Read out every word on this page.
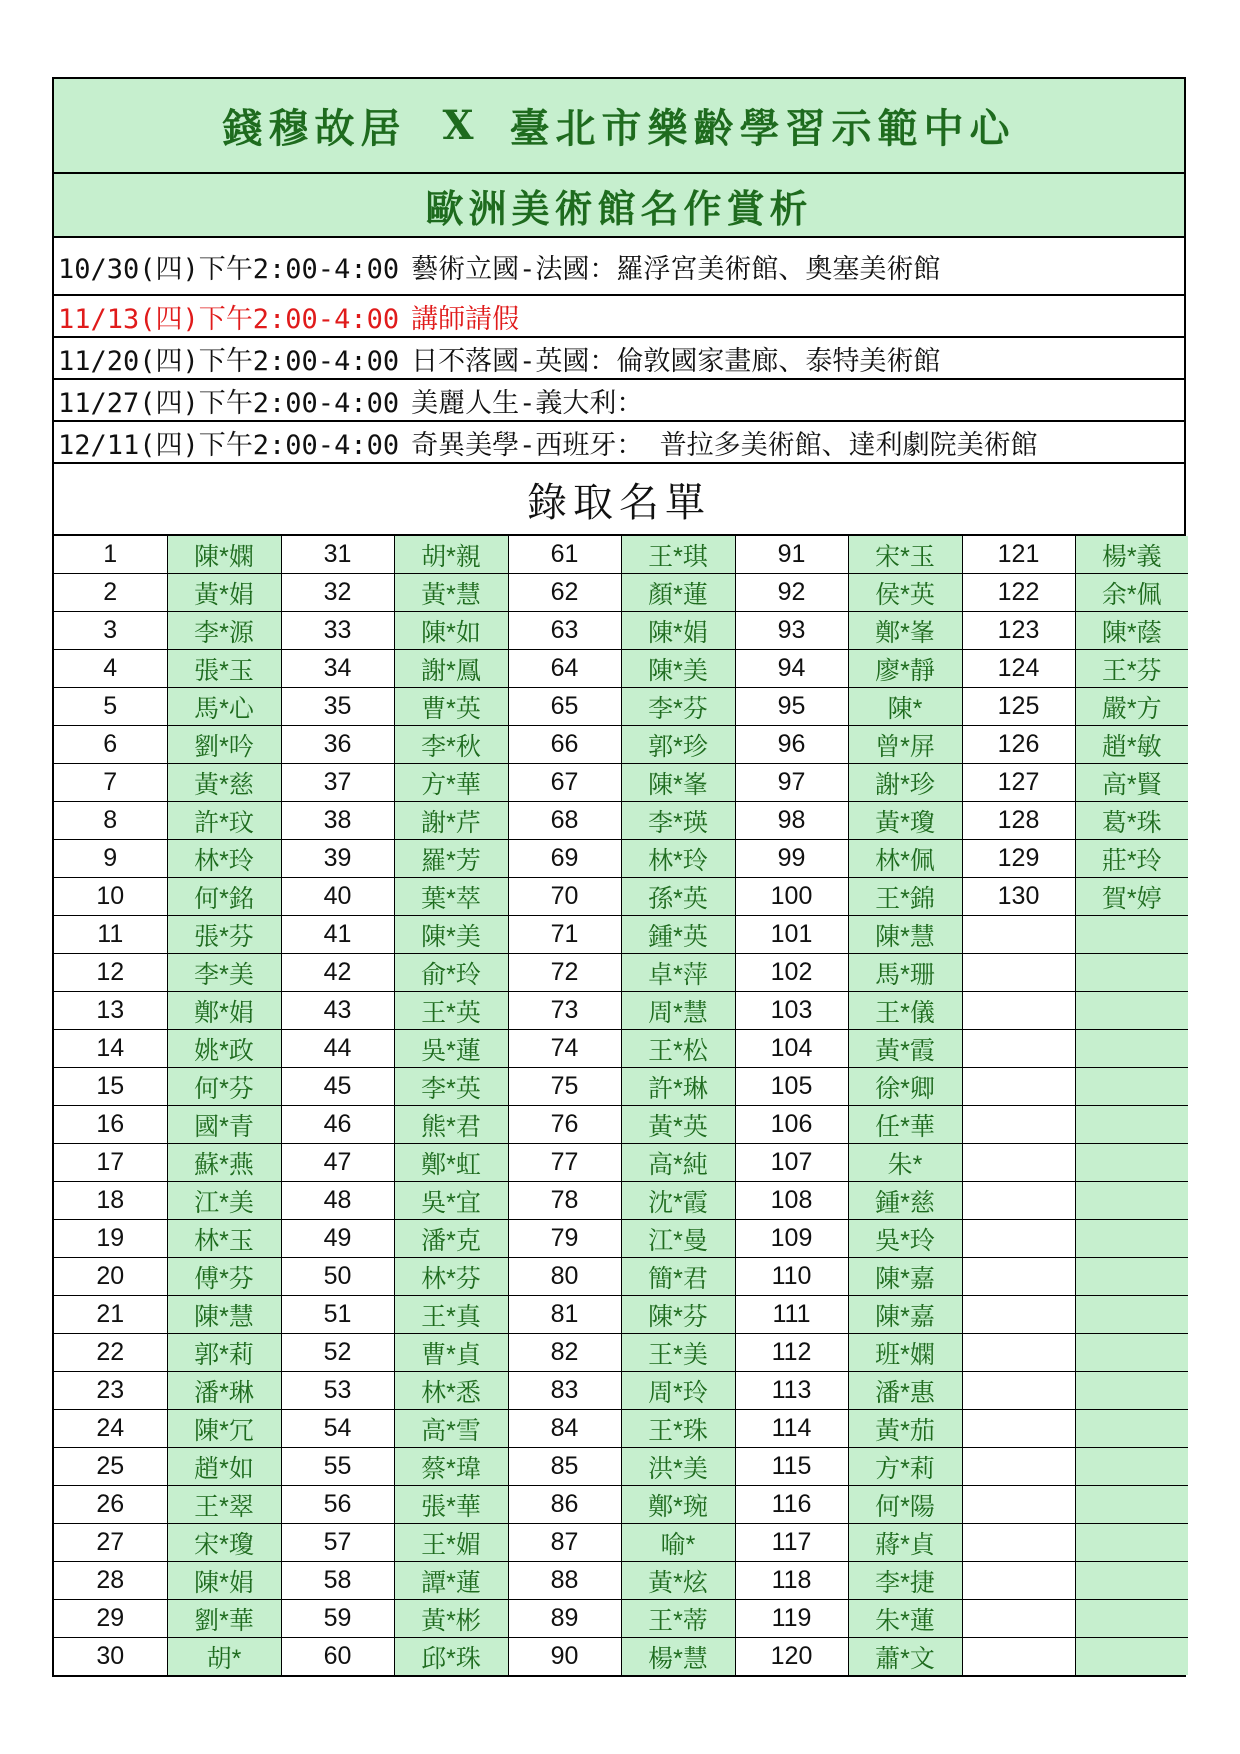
錢穆故居 X 臺北市樂齡學習示範中心
歐洲美術館名作賞析
10/30(四)下午2:00-4:00 藝術立國-法國：羅浮宮美術館、奧塞美術館
11/13(四)下午2:00-4:00 講師請假
11/20(四)下午2:00-4:00 日不落國-英國：倫敦國家畫廊、泰特美術館
11/27(四)下午2:00-4:00 美麗人生-義大利：
12/11(四)下午2:00-4:00 奇異美學-西班牙： 普拉多美術館、達利劇院美術館
錄取名單
1	陳*嫻	31	胡*親	61	王*琪	91	宋*玉	121	楊*義
2	黃*娟	32	黃*慧	62	顏*蓮	92	侯*英	122	余*佩
3	李*源	33	陳*如	63	陳*娟	93	鄭*峯	123	陳*蔭
4	張*玉	34	謝*鳳	64	陳*美	94	廖*靜	124	王*芬
5	馬*心	35	曹*英	65	李*芬	95	陳*	125	嚴*方
6	劉*吟	36	李*秋	66	郭*珍	96	曾*屏	126	趙*敏
7	黃*慈	37	方*華	67	陳*峯	97	謝*珍	127	高*賢
8	許*玟	38	謝*芹	68	李*瑛	98	黃*瓊	128	葛*珠
9	林*玲	39	羅*芳	69	林*玲	99	林*佩	129	莊*玲
10	何*銘	40	葉*萃	70	孫*英	100	王*錦	130	賀*婷
11	張*芬	41	陳*美	71	鍾*英	101	陳*慧		
12	李*美	42	俞*玲	72	卓*萍	102	馬*珊		
13	鄭*娟	43	王*英	73	周*慧	103	王*儀		
14	姚*政	44	吳*蓮	74	王*松	104	黃*霞		
15	何*芬	45	李*英	75	許*琳	105	徐*卿		
16	國*青	46	熊*君	76	黃*英	106	任*華		
17	蘇*燕	47	鄭*虹	77	高*純	107	朱*		
18	江*美	48	吳*宜	78	沈*霞	108	鍾*慈		
19	林*玉	49	潘*克	79	江*曼	109	吳*玲		
20	傅*芬	50	林*芬	80	簡*君	110	陳*嘉		
21	陳*慧	51	王*真	81	陳*芬	111	陳*嘉		
22	郭*莉	52	曹*貞	82	王*美	112	班*嫻		
23	潘*琳	53	林*悉	83	周*玲	113	潘*惠		
24	陳*冗	54	高*雪	84	王*珠	114	黃*茄		
25	趙*如	55	蔡*瑋	85	洪*美	115	方*莉		
26	王*翠	56	張*華	86	鄭*琬	116	何*陽		
27	宋*瓊	57	王*媚	87	喻*	117	蔣*貞		
28	陳*娟	58	譚*蓮	88	黃*炫	118	李*捷		
29	劉*華	59	黃*彬	89	王*蒂	119	朱*蓮		
30	胡*	60	邱*珠	90	楊*慧	120	蕭*文		
